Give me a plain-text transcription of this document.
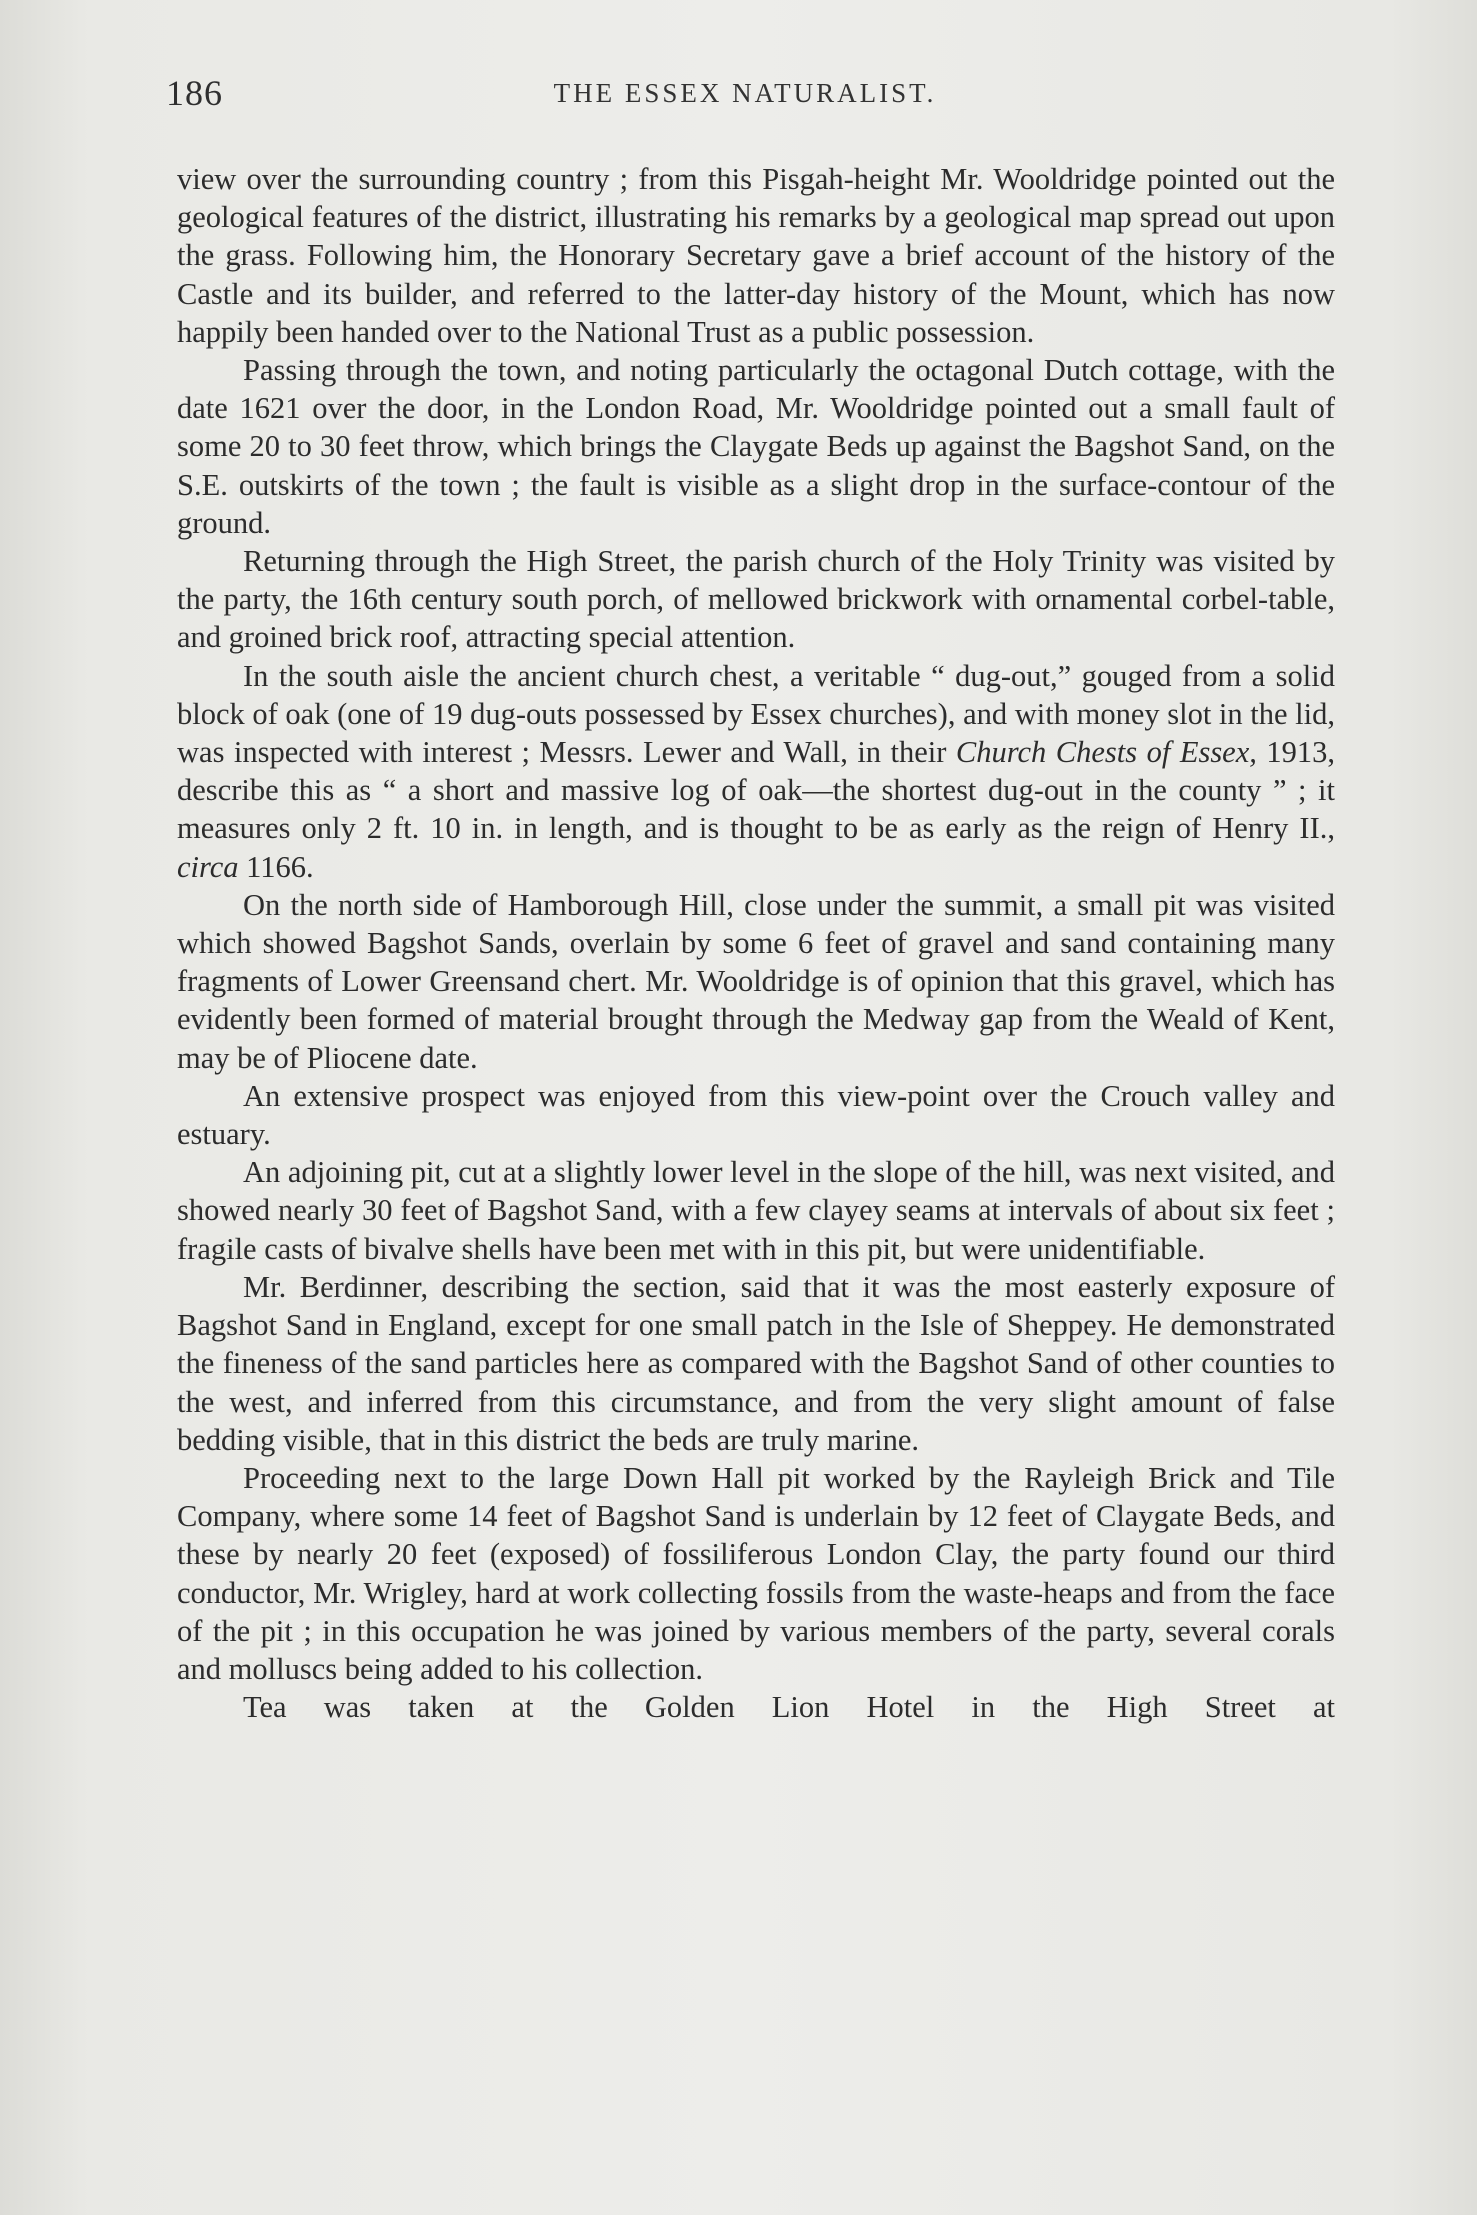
186	THE ESSEX NATURALIST.

view over the surrounding country ; from this Pisgah-height Mr. Wooldridge pointed out the geological features of the district, illustrating his remarks by a geological map spread out upon the grass. Following him, the Honorary Secretary gave a brief account of the history of the Castle and its builder, and referred to the latter-day history of the Mount, which has now happily been handed over to the National Trust as a public possession.

Passing through the town, and noting particularly the octagonal Dutch cottage, with the date 1621 over the door, in the London Road, Mr. Wooldridge pointed out a small fault of some 20 to 30 feet throw, which brings the Claygate Beds up against the Bagshot Sand, on the S.E. outskirts of the town ; the fault is visible as a slight drop in the surface-contour of the ground.

Returning through the High Street, the parish church of the Holy Trinity was visited by the party, the 16th century south porch, of mellowed brickwork with ornamental corbel-table, and groined brick roof, attracting special attention.

In the south aisle the ancient church chest, a veritable “ dug-out,” gouged from a solid block of oak (one of 19 dug-outs possessed by Essex churches), and with money slot in the lid, was inspected with interest ; Messrs. Lewer and Wall, in their Church Chests of Essex, 1913, describe this as “ a short and massive log of oak—the shortest dug-out in the county ” ; it measures only 2 ft. 10 in. in length, and is thought to be as early as the reign of Henry II., circa 1166.

On the north side of Hamborough Hill, close under the summit, a small pit was visited which showed Bagshot Sands, overlain by some 6 feet of gravel and sand containing many fragments of Lower Greensand chert. Mr. Wooldridge is of opinion that this gravel, which has evidently been formed of material brought through the Medway gap from the Weald of Kent, may be of Pliocene date.

An extensive prospect was enjoyed from this view-point over the Crouch valley and estuary.

An adjoining pit, cut at a slightly lower level in the slope of the hill, was next visited, and showed nearly 30 feet of Bagshot Sand, with a few clayey seams at intervals of about six feet ; fragile casts of bivalve shells have been met with in this pit, but were unidentifiable.

Mr. Berdinner, describing the section, said that it was the most easterly exposure of Bagshot Sand in England, except for one small patch in the Isle of Sheppey. He demonstrated the fineness of the sand particles here as compared with the Bagshot Sand of other counties to the west, and inferred from this circumstance, and from the very slight amount of false bedding visible, that in this district the beds are truly marine.

Proceeding next to the large Down Hall pit worked by the Rayleigh Brick and Tile Company, where some 14 feet of Bagshot Sand is underlain by 12 feet of Claygate Beds, and these by nearly 20 feet (exposed) of fossiliferous London Clay, the party found our third conductor, Mr. Wrigley, hard at work collecting fossils from the waste-heaps and from the face of the pit ; in this occupation he was joined by various members of the party, several corals and molluscs being added to his collection.

Tea was taken at the Golden Lion Hotel in the High Street at
